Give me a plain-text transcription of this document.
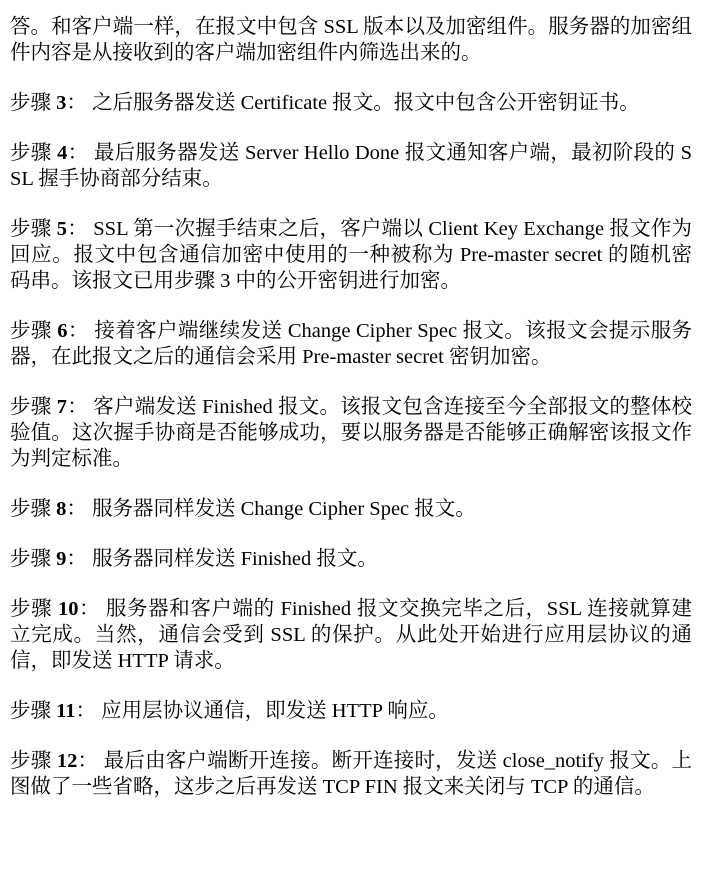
答。和客户端一样，在报文中包含 SSL 版本以及加密组件。服务器的加密组件内容是从接收到的客户端加密组件内筛选出来的。

步骤 3： 之后服务器发送 Certificate 报文。报文中包含公开密钥证书。

步骤 4： 最后服务器发送 Server Hello Done 报文通知客户端，最初阶段的 SSL 握手协商部分结束。

步骤 5： SSL 第一次握手结束之后，客户端以 Client Key Exchange 报文作为回应。报文中包含通信加密中使用的一种被称为 Pre-master secret 的随机密码串。该报文已用步骤 3 中的公开密钥进行加密。

步骤 6： 接着客户端继续发送 Change Cipher Spec 报文。该报文会提示服务器，在此报文之后的通信会采用 Pre-master secret 密钥加密。

步骤 7： 客户端发送 Finished 报文。该报文包含连接至今全部报文的整体校验值。这次握手协商是否能够成功，要以服务器是否能够正确解密该报文作为判定标准。

步骤 8： 服务器同样发送 Change Cipher Spec 报文。

步骤 9： 服务器同样发送 Finished 报文。

步骤 10： 服务器和客户端的 Finished 报文交换完毕之后，SSL 连接就算建立完成。当然，通信会受到 SSL 的保护。从此处开始进行应用层协议的通信，即发送 HTTP 请求。

步骤 11： 应用层协议通信，即发送 HTTP 响应。

步骤 12： 最后由客户端断开连接。断开连接时，发送 close_notify 报文。上图做了一些省略，这步之后再发送 TCP FIN 报文来关闭与 TCP 的通信。
